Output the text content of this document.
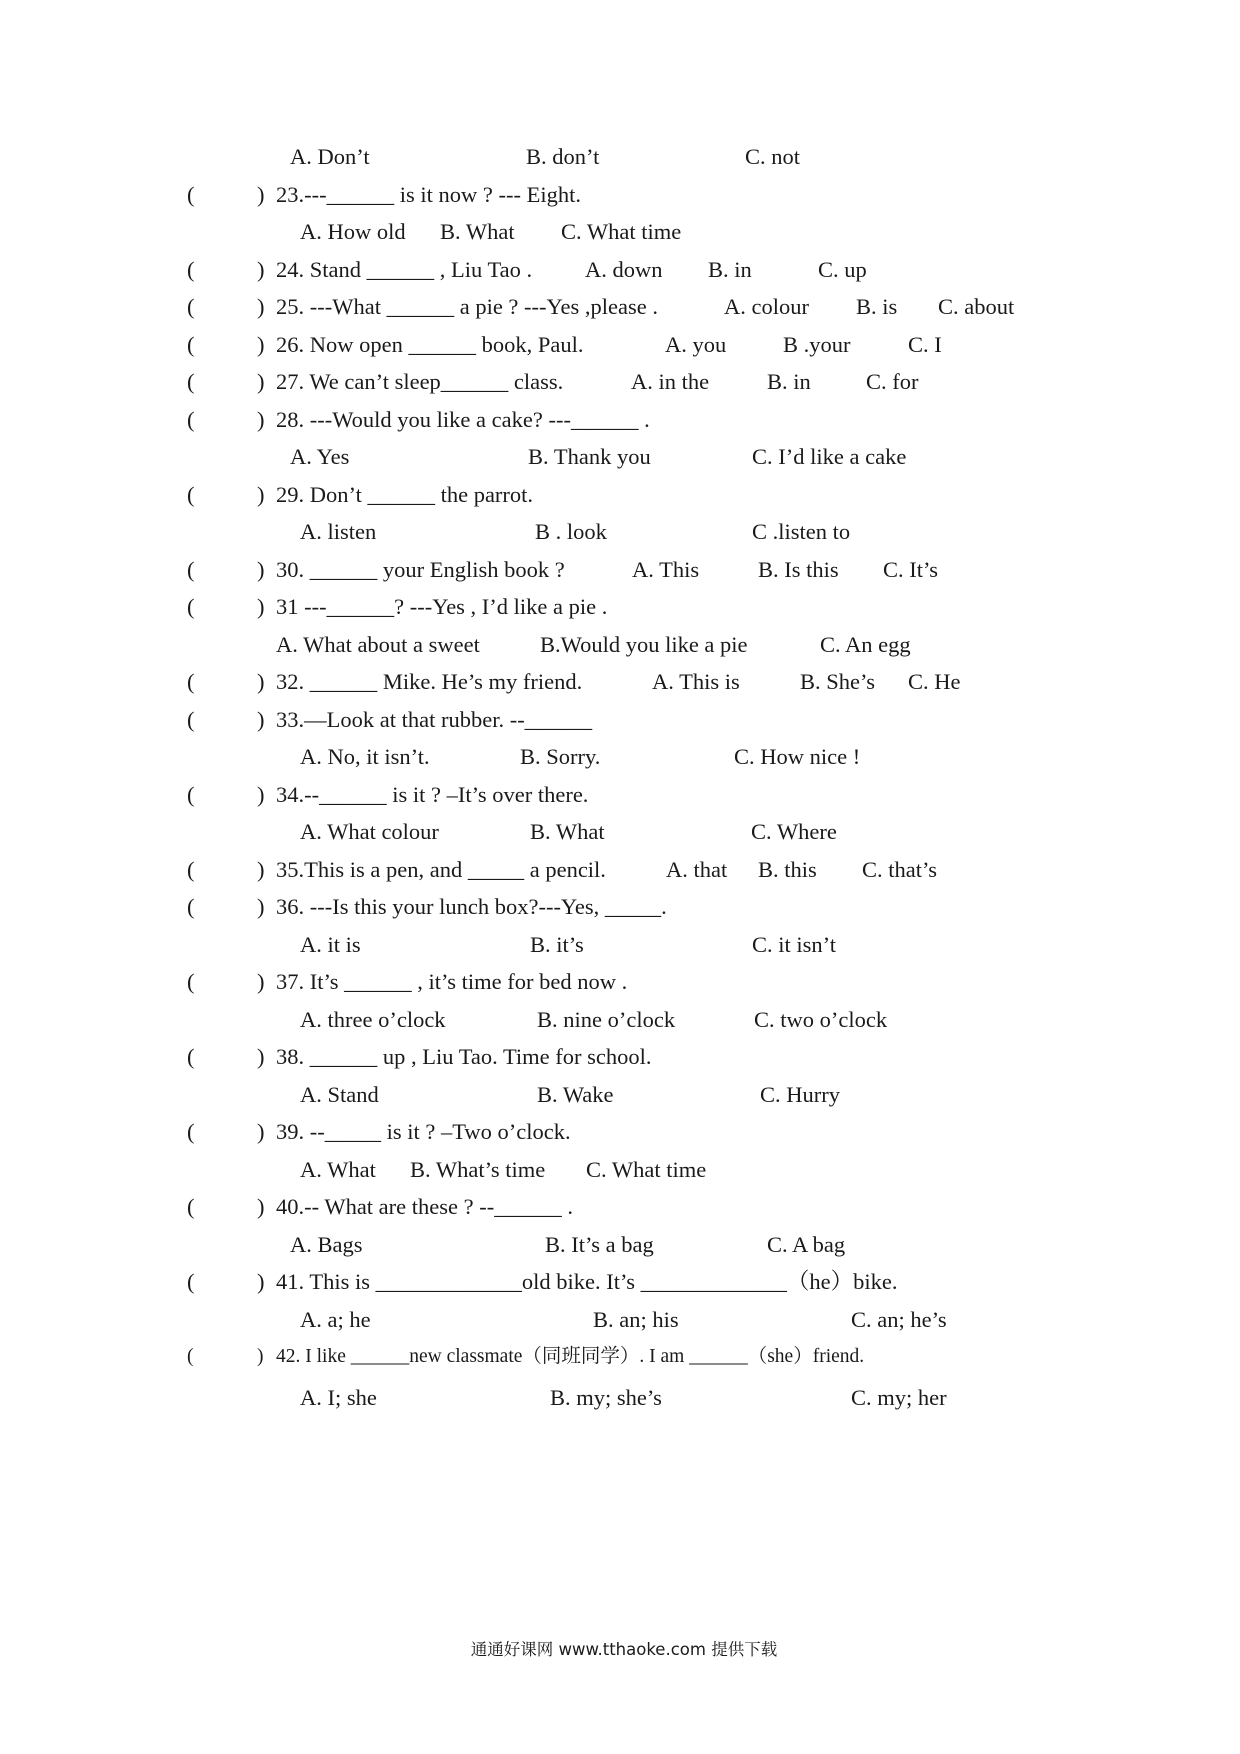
A. Don’t	B. don’t	C. not
(	) 23.---______ is it now ? --- Eight.
A. How old B. What C. What time
(	) 24. Stand ______ , Liu Tao . A. down B. in	C. up
(	) 25. ---What ______ a pie ? ---Yes ,please .	A. colour B. is C. about
(	) 26. Now open ______ book, Paul.	A. you	B .your	C. I
(	) 27. We can’t sleep______ class.	A. in the	B. in C. for
(	) 28. ---Would you like a cake? ---______ .
A. Yes	B. Thank you	C. I’d like a cake
(	) 29. Don’t ______ the parrot.
A. listen	B . look	C .listen to
(	) 30. ______ your English book ?	A. This	B. Is this C. It’s
(	) 31 ---______? ---Yes , I’d like a pie .
A. What about a sweet	B.Would you like a pie	C. An egg
(	) 32. ______ Mike. He’s my friend.	A. This is	B. She’s C. He
(	) 33.—Look at that rubber. --______
A. No, it isn’t.	B. Sorry.	C. How nice !
(	) 34.--______ is it ? –It’s over there.
A. What colour	B. What	C. Where
(	) 35.This is a pen, and _____ a pencil.	A. that B. this C. that’s
(	) 36. ---Is this your lunch box?---Yes, _____.
A. it is	B. it’s	C. it isn’t
(	) 37. It’s ______ , it’s time for bed now .
A. three o’clock	B. nine o’clock	C. two o’clock
(	) 38. ______ up , Liu Tao. Time for school.
A. Stand	B. Wake	C. Hurry
(	) 39. --_____ is it ? –Two o’clock.
A. What B. What’s time C. What time
(	) 40.-- What are these ? --______ .
A. Bags	B. It’s a bag	C. A bag
(	) 41. This is _____________old bike. It’s _____________（he）bike.
A. a; he	B. an; his	C. an; he’s
(	) 42. I like ______new classmate（同班同学）. I am ______（she）friend.
A. I; she	B. my; she’s	C. my; her
通通好课网 www.tthaoke.com 提供下载
